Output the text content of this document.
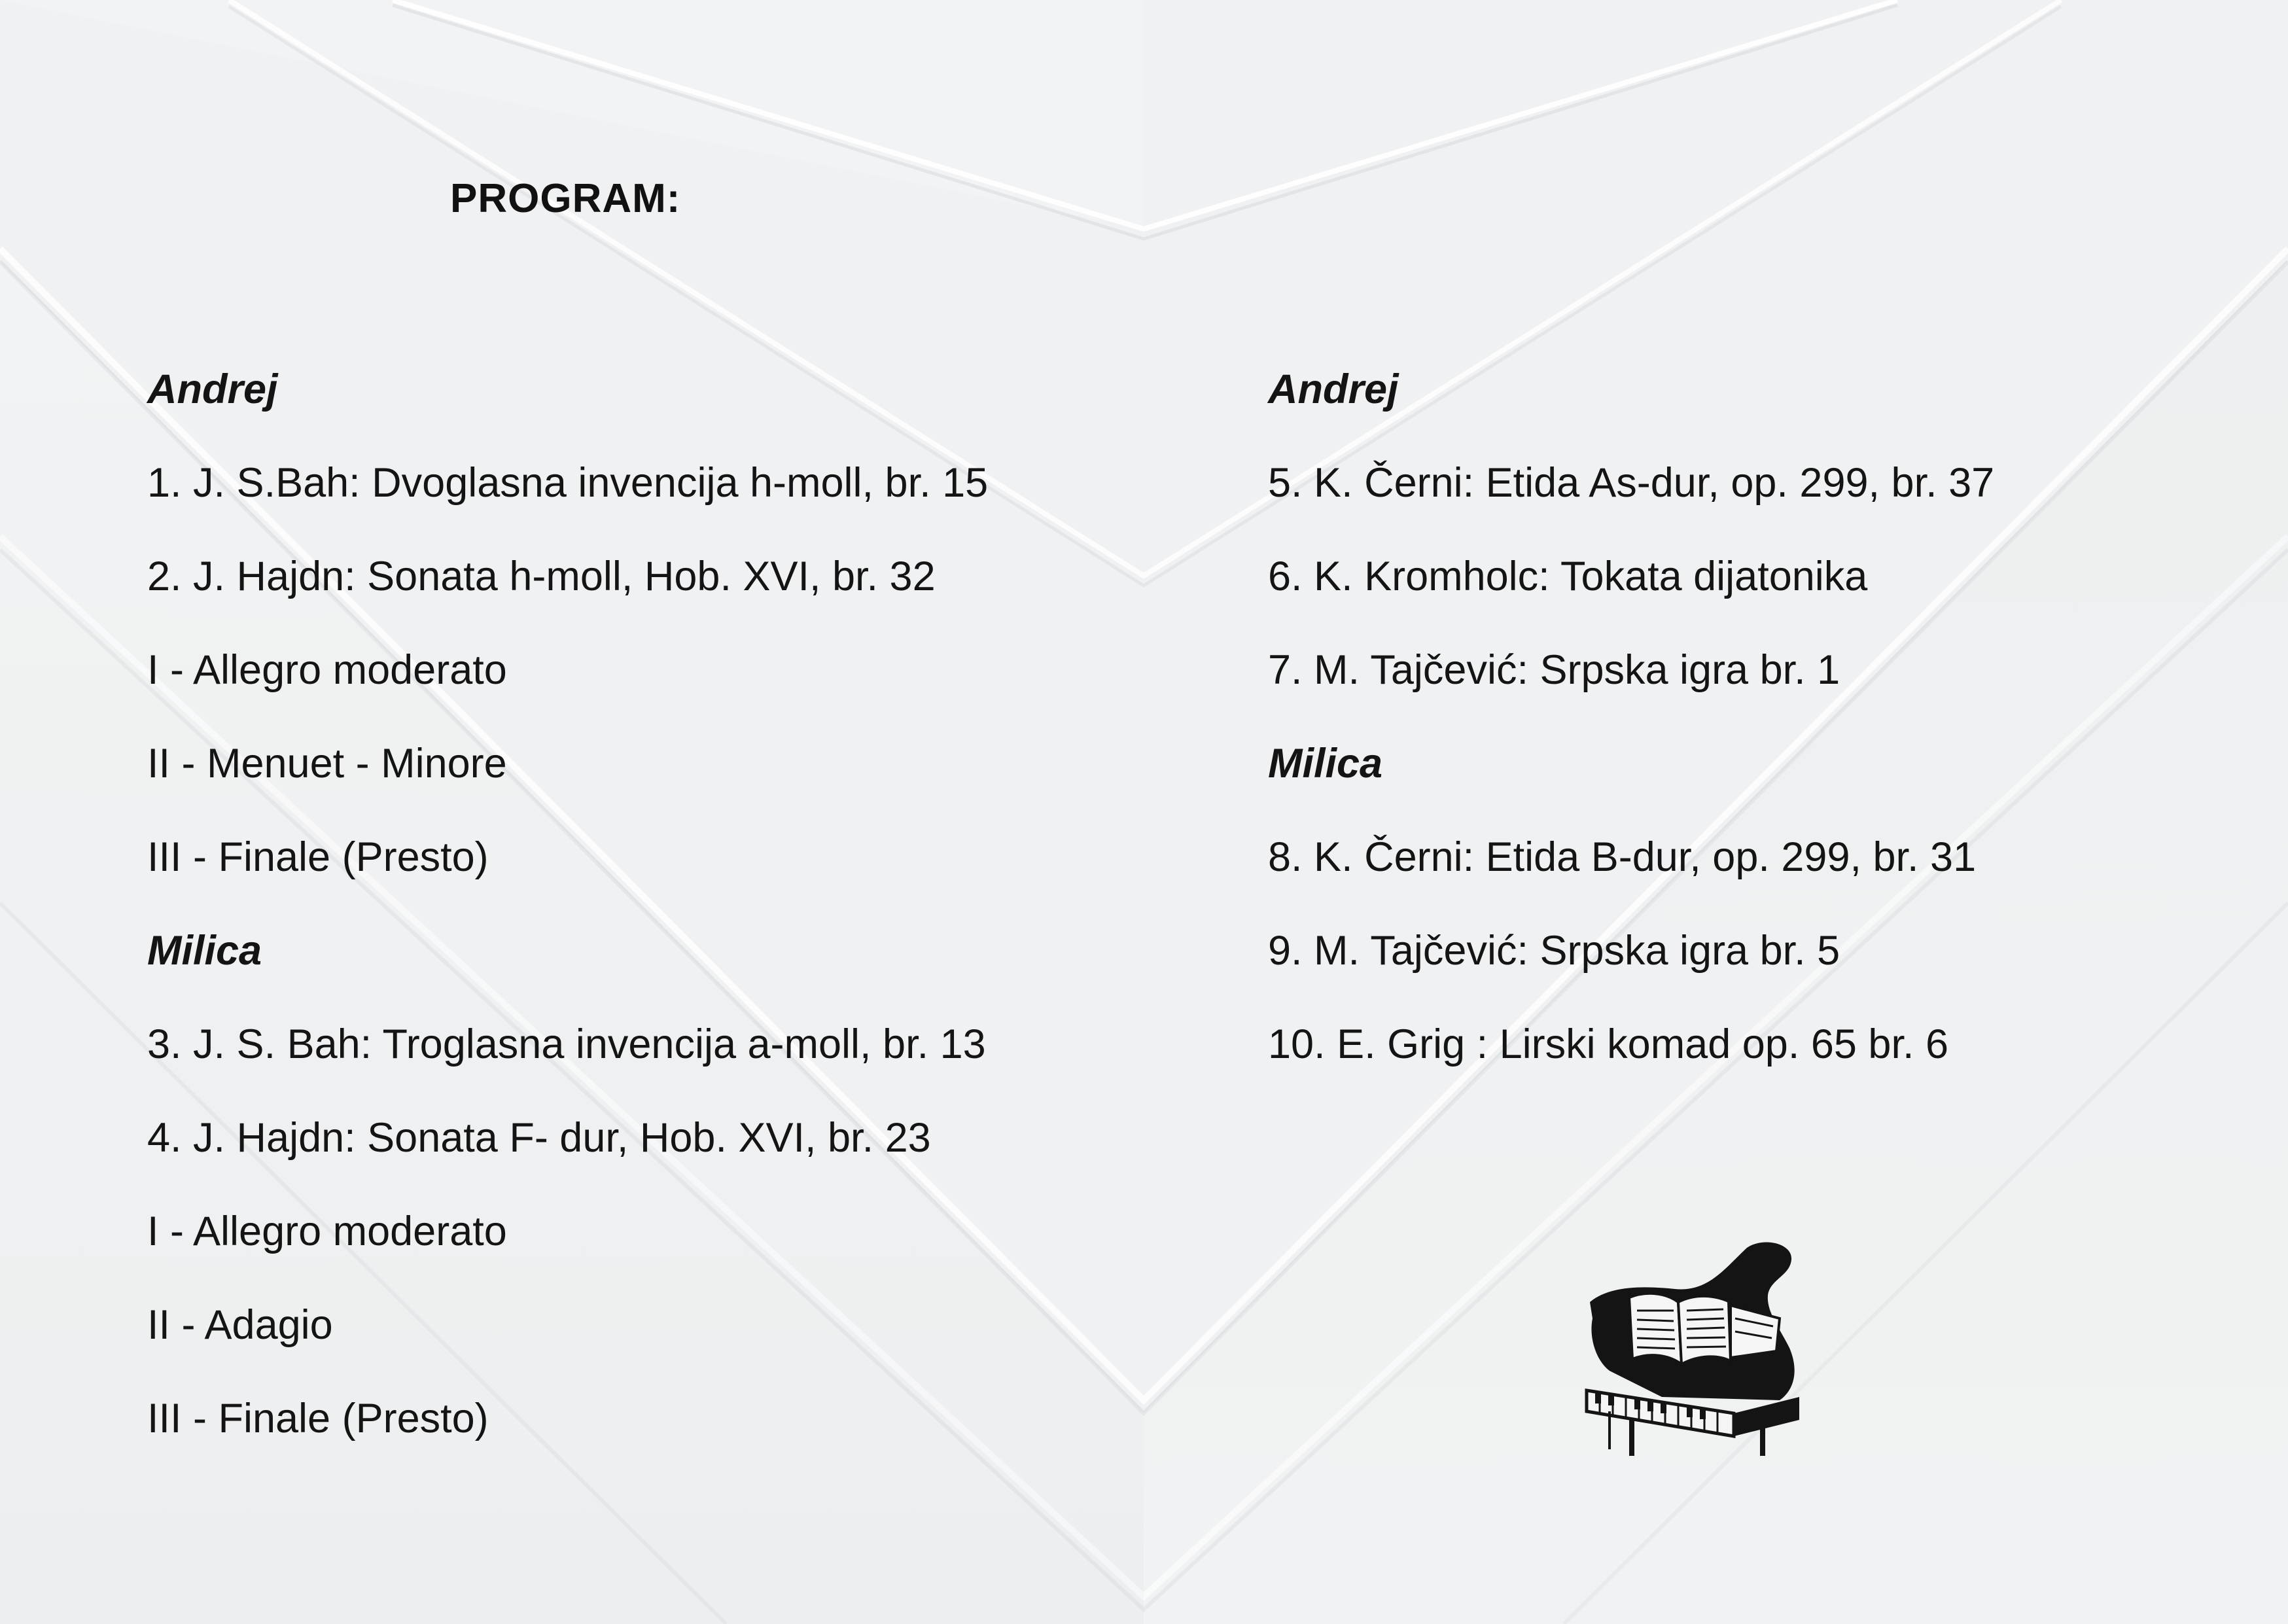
PROGRAM:
Andrej
1. J. S.Bah: Dvoglasna invencija h-moll, br. 15
2. J. Hajdn: Sonata h-moll, Hob. XVI, br. 32
I - Allegro moderato
II - Menuet - Minore
III - Finale (Presto)
Milica
3. J. S. Bah: Troglasna invencija a-moll, br. 13
4. J. Hajdn: Sonata F- dur, Hob. XVI, br. 23
I - Allegro moderato
II - Adagio
III - Finale (Presto)
Andrej
5. K. Černi: Etida As-dur, op. 299, br. 37
6. K. Kromholc: Tokata dijatonika
7. M. Tajčević: Srpska igra br. 1
Milica
8. K. Černi: Etida B-dur, op. 299, br. 31
9. M. Tajčević: Srpska igra br. 5
10. E. Grig : Lirski komad op. 65 br. 6
